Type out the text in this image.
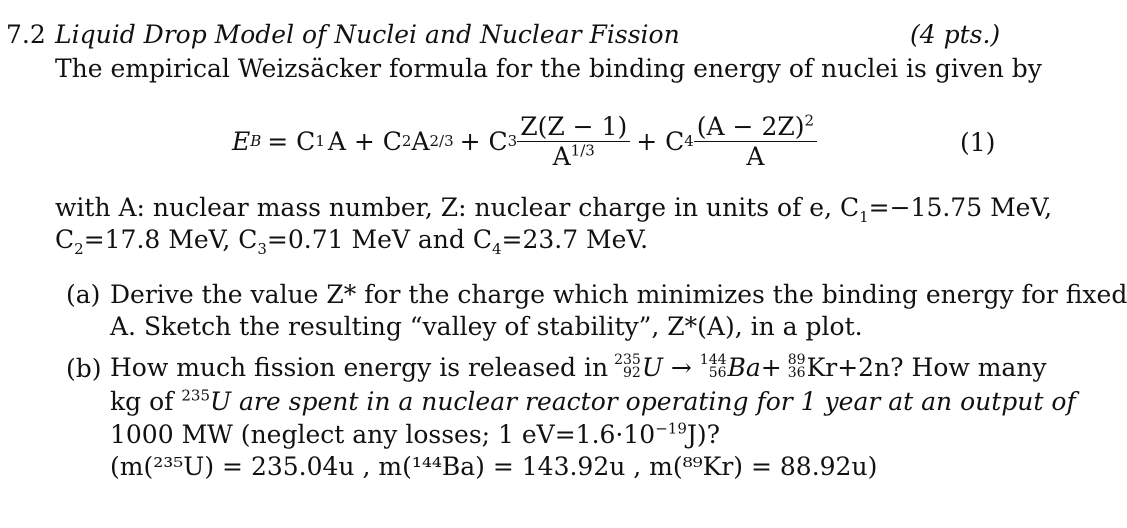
7.2 Liquid Drop Model of Nuclei and Nuclear Fission	(4 pts.)
The empirical Weizsäcker formula for the binding energy of nuclei is given by
E B = C 1 A + C 2 A 2/3 + C $3 \frac{Z(Z - 1)}{A^{1/3}} + C$ $4 \frac{(A - 2Z)^2}{A}$	(1)
with A: nuclear mass number, Z: nuclear charge in units of e, $C_1=-15.75$ MeV,
$C_2=17.8$ MeV, $C_3=0.71$ MeV and $C_4=23.7$ MeV.
(a) Derive the value Z* for the charge which minimizes the binding energy for fixed
A. Sketch the resulting “valley of stability”, Z*(A), in a plot.
(b) How much fission energy is released in 235
92 U → 144
56 Ba+ 89
36 Kr+2n? How many
kg of $^{235}$U are spent in a nuclear reactor operating for 1 year at an output of
1000 MW (neglect any losses; 1 $eV=1.6\cdot 10^{-19}J$)?
(m(²³⁵U) = 235.04u , m(¹⁴⁴Ba) = 143.92u , m(⁸⁹Kr) = 88.92u)
